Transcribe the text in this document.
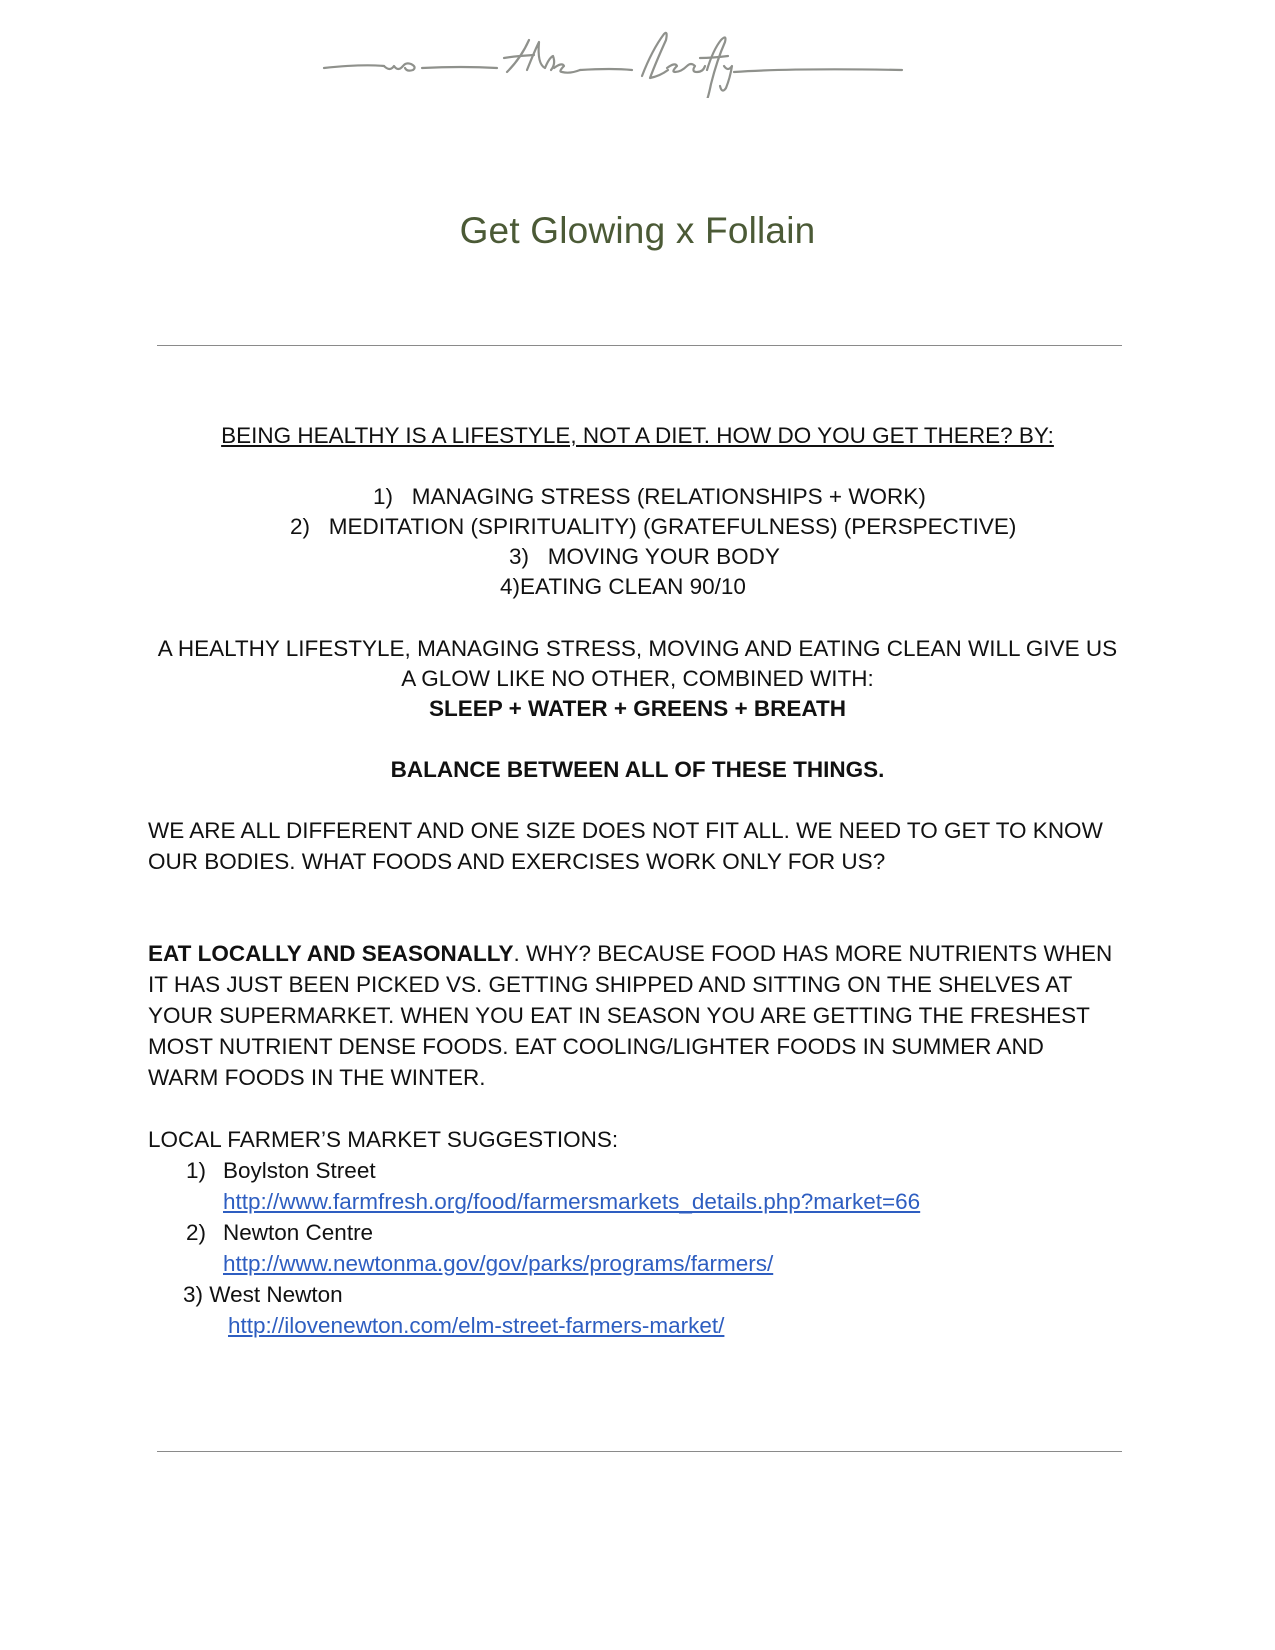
Get Glowing x Follain
BEING HEALTHY IS A LIFESTYLE, NOT A DIET. HOW DO YOU GET THERE? BY:
1) MANAGING STRESS (RELATIONSHIPS + WORK)
2) MEDITATION (SPIRITUALITY) (GRATEFULNESS) (PERSPECTIVE)
3) MOVING YOUR BODY
4)EATING CLEAN 90/10
A HEALTHY LIFESTYLE, MANAGING STRESS, MOVING AND EATING CLEAN WILL GIVE US
A GLOW LIKE NO OTHER, COMBINED WITH:
SLEEP + WATER + GREENS + BREATH
BALANCE BETWEEN ALL OF THESE THINGS.
WE ARE ALL DIFFERENT AND ONE SIZE DOES NOT FIT ALL. WE NEED TO GET TO KNOW
OUR BODIES. WHAT FOODS AND EXERCISES WORK ONLY FOR US?
EAT LOCALLY AND SEASONALLY. WHY? BECAUSE FOOD HAS MORE NUTRIENTS WHEN
IT HAS JUST BEEN PICKED VS. GETTING SHIPPED AND SITTING ON THE SHELVES AT
YOUR SUPERMARKET. WHEN YOU EAT IN SEASON YOU ARE GETTING THE FRESHEST
MOST NUTRIENT DENSE FOODS. EAT COOLING/LIGHTER FOODS IN SUMMER AND
WARM FOODS IN THE WINTER.
LOCAL FARMER’S MARKET SUGGESTIONS:
1) Boylston Street
http://www.farmfresh.org/food/farmersmarkets_details.php?market=66
2) Newton Centre
http://www.newtonma.gov/gov/parks/programs/farmers/
3) West Newton
http://ilovenewton.com/elm-street-farmers-market/
